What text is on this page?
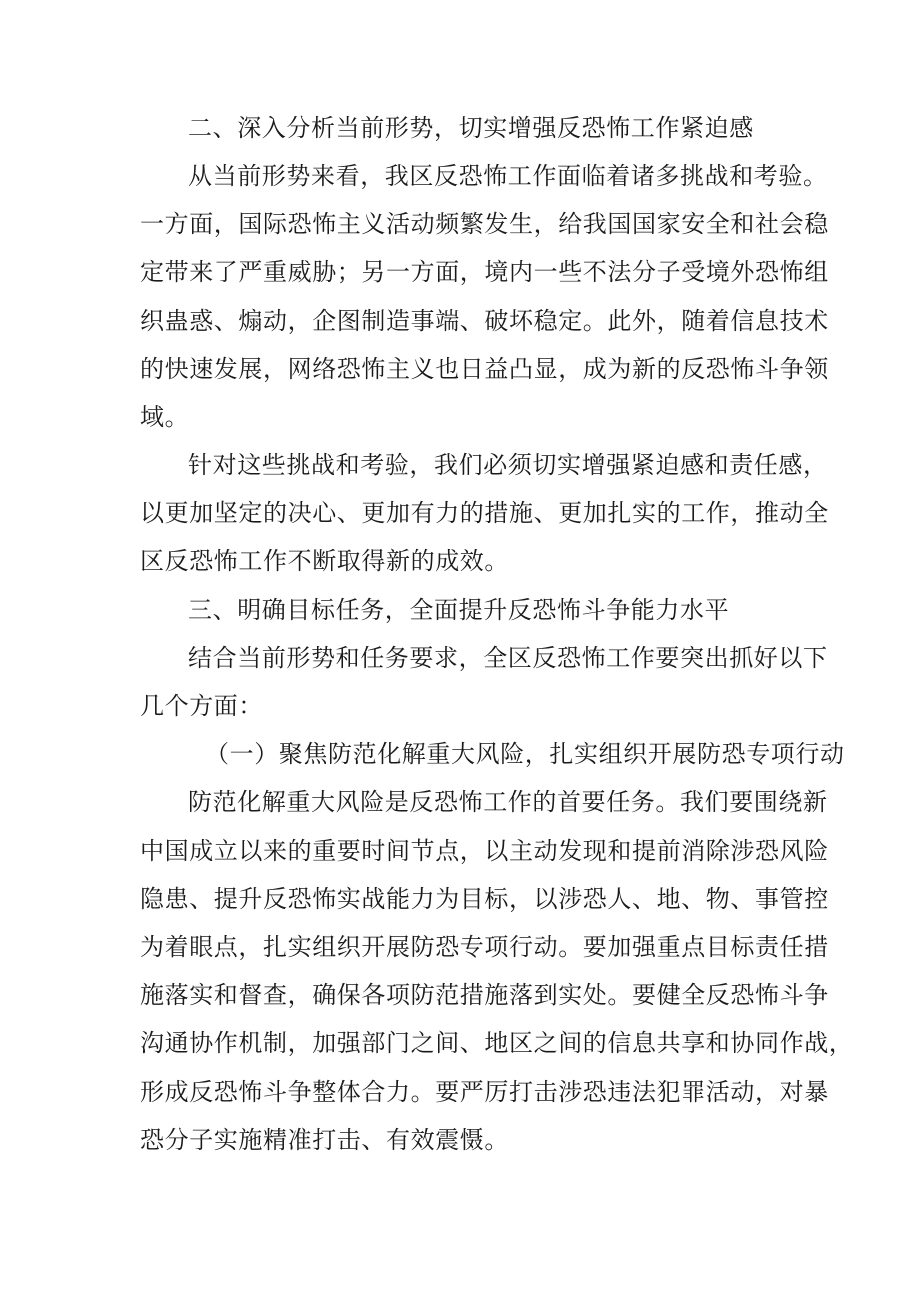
二、深入分析当前形势，切实增强反恐怖工作紧迫感
从当前形势来看，我区反恐怖工作面临着诸多挑战和考验。
一方面，国际恐怖主义活动频繁发生，给我国国家安全和社会稳
定带来了严重威胁；另一方面，境内一些不法分子受境外恐怖组
织蛊惑、煽动，企图制造事端、破坏稳定。此外，随着信息技术
的快速发展，网络恐怖主义也日益凸显，成为新的反恐怖斗争领
域。
针对这些挑战和考验，我们必须切实增强紧迫感和责任感，
以更加坚定的决心、更加有力的措施、更加扎实的工作，推动全
区反恐怖工作不断取得新的成效。
三、明确目标任务，全面提升反恐怖斗争能力水平
结合当前形势和任务要求，全区反恐怖工作要突出抓好以下
几个方面：
（一）聚焦防范化解重大风险，扎实组织开展防恐专项行动
防范化解重大风险是反恐怖工作的首要任务。我们要围绕新
中国成立以来的重要时间节点，以主动发现和提前消除涉恐风险
隐患、提升反恐怖实战能力为目标，以涉恐人、地、物、事管控
为着眼点，扎实组织开展防恐专项行动。要加强重点目标责任措
施落实和督查，确保各项防范措施落到实处。要健全反恐怖斗争
沟通协作机制，加强部门之间、地区之间的信息共享和协同作战，
形成反恐怖斗争整体合力。要严厉打击涉恐违法犯罪活动，对暴
恐分子实施精准打击、有效震慑。
